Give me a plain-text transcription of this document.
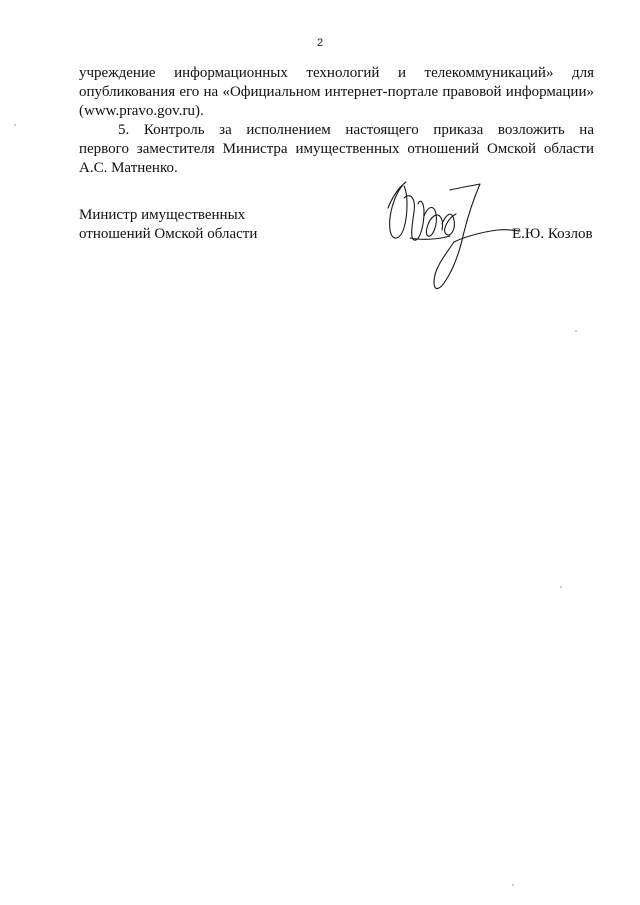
2

учреждение информационных технологий и телекоммуникаций» для
опубликования его на «Официальном интернет-портале правовой информации»
(www.pravo.gov.ru).

5. Контроль за исполнением настоящего приказа возложить на
первого заместителя Министра имущественных отношений Омской области
А.С. Матненко.

Министр имущественных
отношений Омской области	Е.Ю. Козлов
